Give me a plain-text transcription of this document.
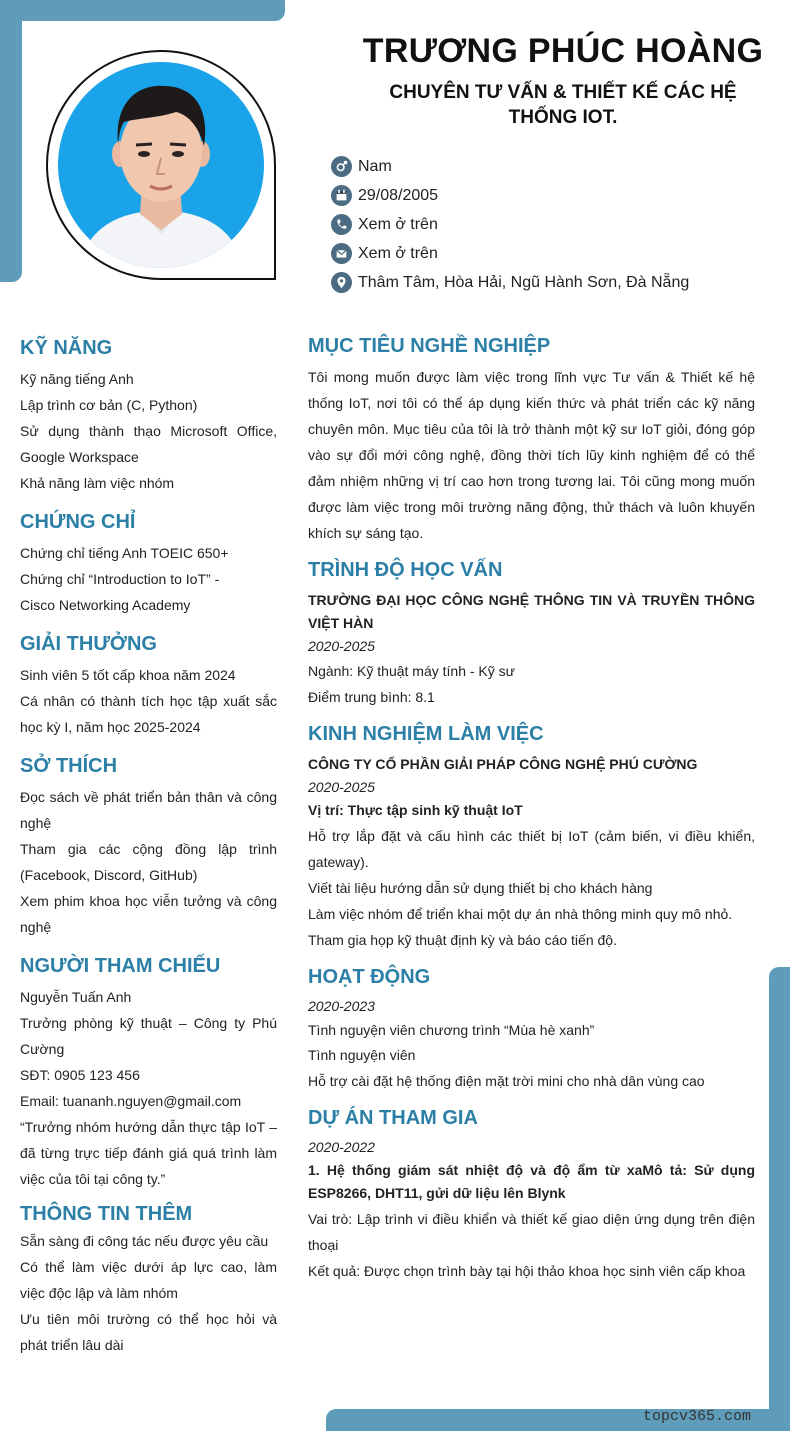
TRƯƠNG PHÚC HOÀNG
CHUYÊN TƯ VẤN & THIẾT KẾ CÁC HỆ THỐNG IOT.
Nam
29/08/2005
Xem ở trên
Xem ở trên
Thâm Tâm, Hòa Hải, Ngũ Hành Sơn, Đà Nẵng
KỸ NĂNG
Kỹ năng tiếng Anh
Lập trình cơ bản (C, Python)
Sử dụng thành thạo Microsoft Office, Google Workspace
Khả năng làm việc nhóm
CHỨNG CHỈ
Chứng chỉ tiếng Anh TOEIC 650+
Chứng chỉ “Introduction to IoT” - Cisco Networking Academy
GIẢI THƯỞNG
Sinh viên 5 tốt cấp khoa năm 2024
Cá nhân có thành tích học tập xuất sắc học kỳ I, năm học 2025-2024
SỞ THÍCH
Đọc sách về phát triển bản thân và công nghệ
Tham gia các cộng đồng lập trình (Facebook, Discord, GitHub)
Xem phim khoa học viễn tưởng và công nghệ
NGƯỜI THAM CHIẾU
Nguyễn Tuấn Anh
Trưởng phòng kỹ thuật – Công ty Phú Cường
SĐT: 0905 123 456
Email: tuananh.nguyen@gmail.com
“Trưởng nhóm hướng dẫn thực tập IoT – đã từng trực tiếp đánh giá quá trình làm việc của tôi tại công ty.”
THÔNG TIN THÊM
Sẵn sàng đi công tác nếu được yêu cầu
Có thể làm việc dưới áp lực cao, làm việc độc lập và làm nhóm
Ưu tiên môi trường có thể học hỏi và phát triển lâu dài
MỤC TIÊU NGHỀ NGHIỆP
Tôi mong muốn được làm việc trong lĩnh vực Tư vấn & Thiết kế hệ thống IoT, nơi tôi có thể áp dụng kiến thức và phát triển các kỹ năng chuyên môn. Mục tiêu của tôi là trở thành một kỹ sư IoT giỏi, đóng góp vào sự đổi mới công nghệ, đồng thời tích lũy kinh nghiệm để có thể đảm nhiệm những vị trí cao hơn trong tương lai. Tôi cũng mong muốn được làm việc trong môi trường năng động, thử thách và luôn khuyến khích sự sáng tạo.
TRÌNH ĐỘ HỌC VẤN
TRƯỜNG ĐẠI HỌC CÔNG NGHỆ THÔNG TIN VÀ TRUYỀN THÔNG VIỆT HÀN
2020-2025
Ngành: Kỹ thuật máy tính - Kỹ sư
Điểm trung bình: 8.1
KINH NGHIỆM LÀM VIỆC
CÔNG TY CỔ PHẦN GIẢI PHÁP CÔNG NGHỆ PHÚ CƯỜNG
2020-2025
Vị trí: Thực tập sinh kỹ thuật IoT
Hỗ trợ lắp đặt và cấu hình các thiết bị IoT (cảm biến, vi điều khiển, gateway).
Viết tài liệu hướng dẫn sử dụng thiết bị cho khách hàng
Làm việc nhóm để triển khai một dự án nhà thông minh quy mô nhỏ.
Tham gia họp kỹ thuật định kỳ và báo cáo tiến độ.
HOẠT ĐỘNG
2020-2023
Tình nguyện viên chương trình “Mùa hè xanh”
Tình nguyện viên
Hỗ trợ cài đặt hệ thống điện mặt trời mini cho nhà dân vùng cao
DỰ ÁN THAM GIA
2020-2022
1. Hệ thống giám sát nhiệt độ và độ ẩm từ xaMô tả: Sử dụng ESP8266, DHT11, gửi dữ liệu lên Blynk
Vai trò: Lập trình vi điều khiển và thiết kế giao diện ứng dụng trên điện thoại
Kết quả: Được chọn trình bày tại hội thảo khoa học sinh viên cấp khoa
topcv365.com
